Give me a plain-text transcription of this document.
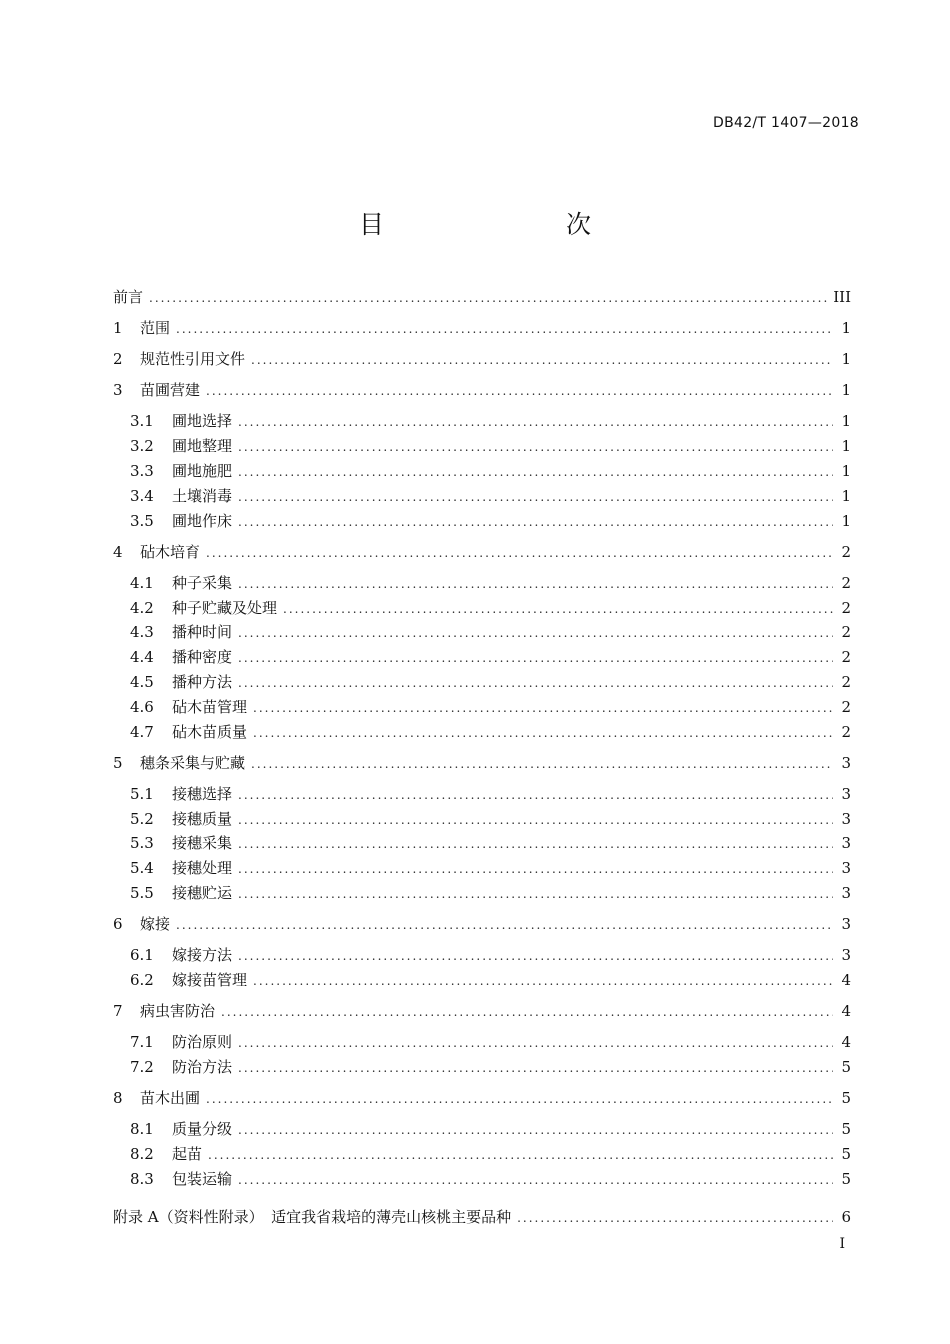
DB42/T 1407—2018
目　　次
前言 .....	III
1	范围 .....	1
2	规范性引用文件 .....	1
3	苗圃营建 .....	1
3.1	圃地选择 .....	1
3.2	圃地整理 .....	1
3.3	圃地施肥 .....	1
3.4	土壤消毒 .....	1
3.5	圃地作床 .....	1
4	砧木培育 .....	2
4.1	种子采集 .....	2
4.2	种子贮藏及处理 .....	2
4.3	播种时间 .....	2
4.4	播种密度 .....	2
4.5	播种方法 .....	2
4.6	砧木苗管理 .....	2
4.7	砧木苗质量 .....	2
5	穗条采集与贮藏 .....	3
5.1	接穗选择 .....	3
5.2	接穗质量 .....	3
5.3	接穗采集 .....	3
5.4	接穗处理 .....	3
5.5	接穗贮运 .....	3
6	嫁接 .....	3
6.1	嫁接方法 .....	3
6.2	嫁接苗管理 .....	4
7	病虫害防治 .....	4
7.1	防治原则 .....	4
7.2	防治方法 .....	5
8	苗木出圃 .....	5
8.1	质量分级 .....	5
8.2	起苗 .....	5
8.3	包装运输 .....	5
附录 A（资料性附录）　适宜我省栽培的薄壳山核桃主要品种 .....	6
I
